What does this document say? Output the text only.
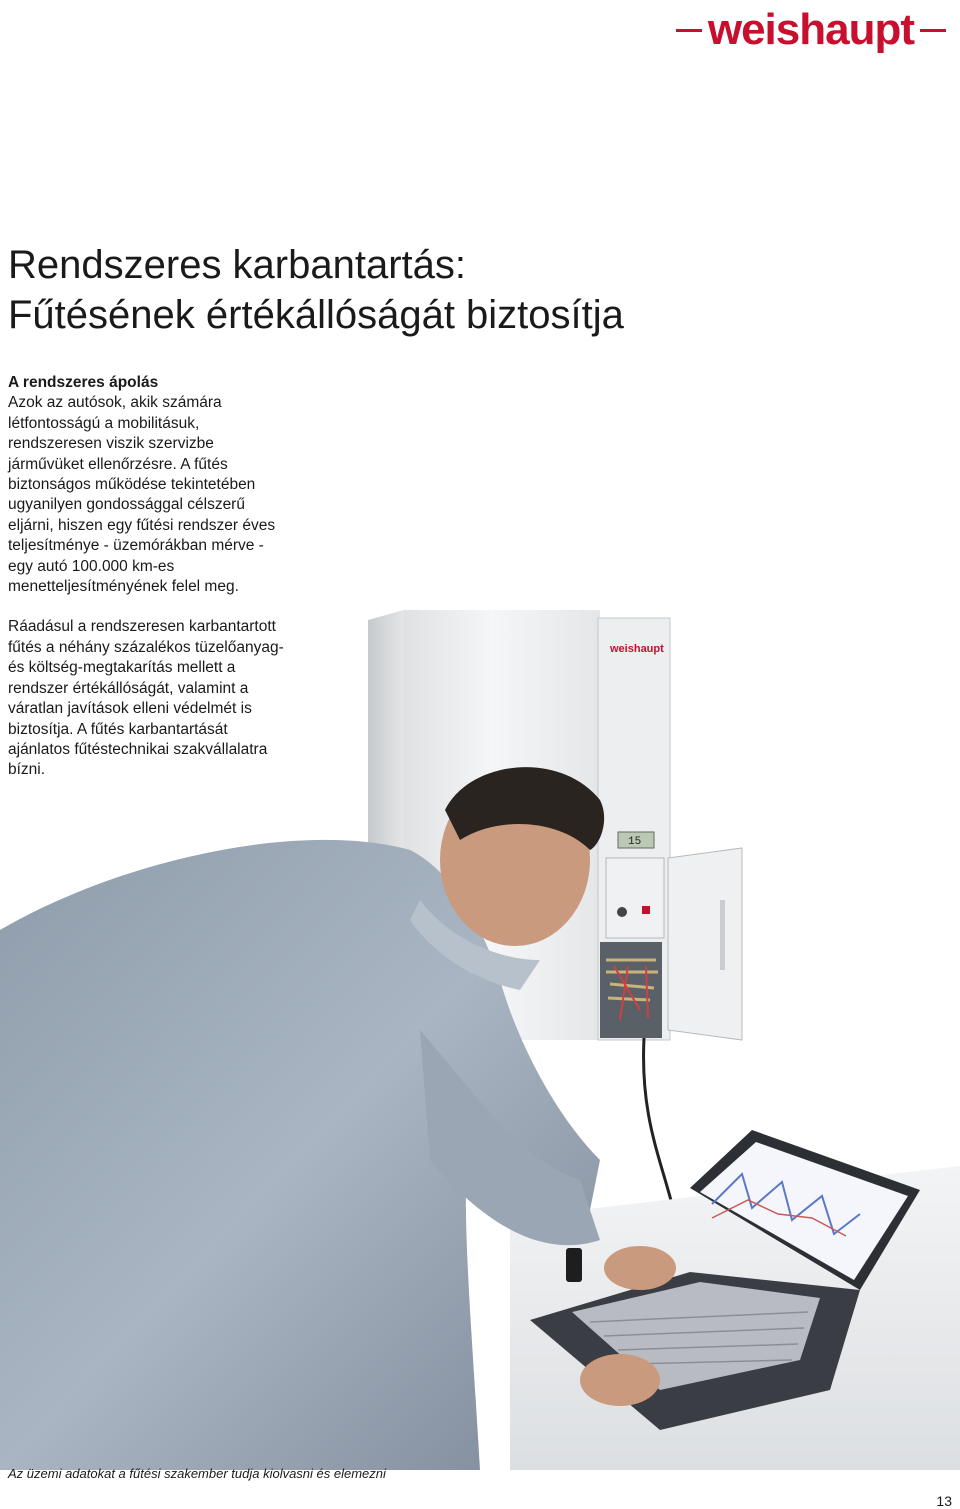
weishaupt
Rendszeres karbantartás:
Fűtésének értékállóságát biztosítja

A rendszeres ápolás

Azok az autósok, akik számára
létfontosságú a mobilitásuk,
rendszeresen viszik szervizbe
járművüket ellenőrzésre. A fűtés
biztonságos működése tekintetében
ugyanilyen gondossággal célszerű
eljárni, hiszen egy fűtési rendszer éves
teljesítménye - üzemórákban mérve -
egy autó 100.000 km-es
menetteljesítményének felel meg.

Ráadásul a rendszeresen karbantartott
fűtés a néhány százalékos tüzelőanyag-
és költség-megtakarítás mellett a
rendszer értékállóságát, valamint a
váratlan javítások elleni védelmét is
biztosítja. A fűtés karbantartását
ajánlatos fűtéstechnikai szakvállalatra
bízni.

weishaupt
15
Az üzemi adatokat a fűtési szakember tudja kiolvasni és elemezni
13
